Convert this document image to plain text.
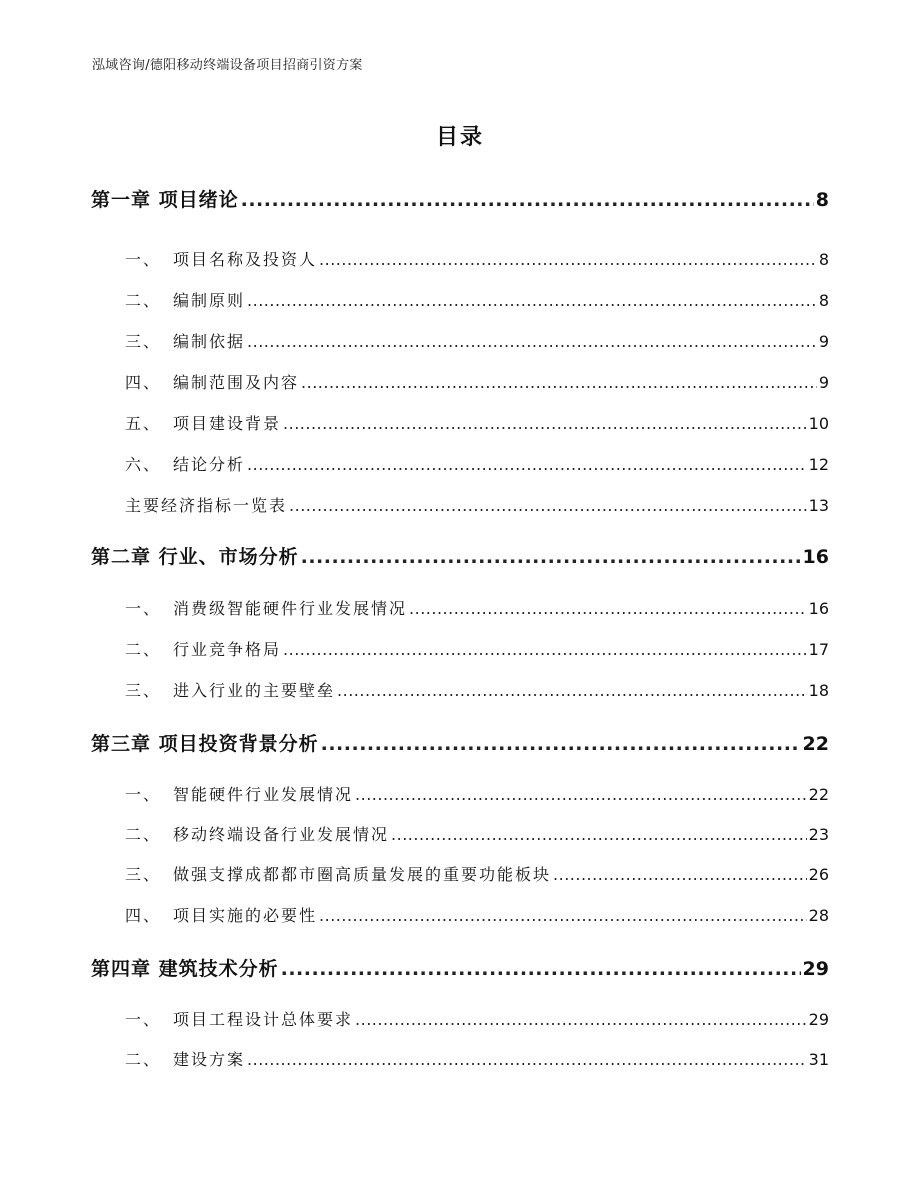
泓域咨询/德阳移动终端设备项目招商引资方案
目录
第一章 项目绪论 .....	8
一、 项目名称及投资人 .....	8
二、 编制原则 .....	8
三、 编制依据 .....	9
四、 编制范围及内容 .....	9
五、 项目建设背景 .....	10
六、 结论分析 .....	12
主要经济指标一览表 .....	13
第二章 行业、市场分析 .....	16
一、 消费级智能硬件行业发展情况 .....	16
二、 行业竞争格局 .....	17
三、 进入行业的主要壁垒 .....	18
第三章 项目投资背景分析 .....	22
一、 智能硬件行业发展情况 .....	22
二、 移动终端设备行业发展情况 .....	23
三、 做强支撑成都都市圈高质量发展的重要功能板块 .....	26
四、 项目实施的必要性 .....	28
第四章 建筑技术分析 .....	29
一、 项目工程设计总体要求 .....	29
二、 建设方案 .....	31
